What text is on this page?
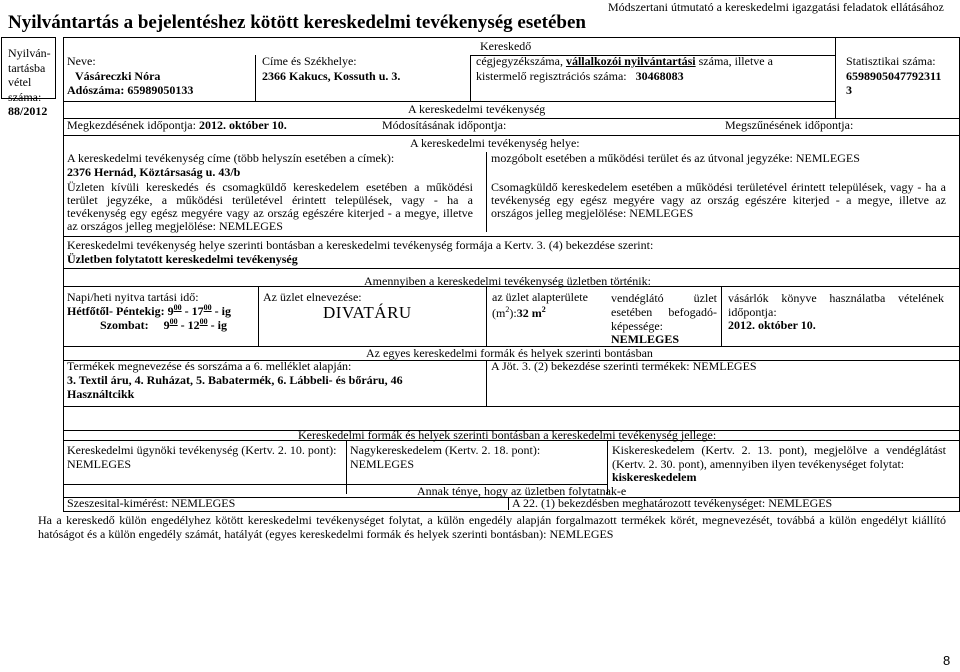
Nyilvántartás a bejelentéshez kötött kereskedelmi tevékenység esetében
Módszertani útmutató a kereskedelmi igazgatási feladatok ellátásához
Nyilván-
tartásba
vétel
száma:
88/2012
Kereskedő
Neve:
Vásáreczki Nóra
Adószáma: 65989050133
Címe és Székhelye:
2366 Kakucs, Kossuth u. 3.
cégjegyzékszáma, vállalkozói nyilvántartási száma, illetve a
kistermelő regisztrációs száma: 30468083
Statisztikai száma:
6598905047792311
3
A kereskedelmi tevékenység
Megkezdésének időpontja: 2012. október 10.	Módosításának időpontja:	Megszűnésének időpontja:
A kereskedelmi tevékenység helye:
A kereskedelmi tevékenység címe (több helyszín esetében a címek):
2376 Hernád, Köztársaság u. 43/b
Üzleten kívüli kereskedés és csomagküldő kereskedelem esetében a működési terület jegyzéke, a működési területével érintett települések, vagy - ha a tevékenység egy egész megyére vagy az ország egészére kiterjed - a megye, illetve az országos jelleg megjelölése: NEMLEGES
mozgóbolt esetében a működési terület és az útvonal jegyzéke: NEMLEGES
Csomagküldő kereskedelem esetében a működési területével érintett települések, vagy - ha a tevékenység egy egész megyére vagy az ország egészére kiterjed - a megye, illetve az országos jelleg megjelölése: NEMLEGES
Kereskedelmi tevékenység helye szerinti bontásban a kereskedelmi tevékenység formája a Kertv. 3. (4) bekezdése szerint:
Üzletben folytatott kereskedelmi tevékenység
Amennyiben a kereskedelmi tevékenység üzletben történik:
Napi/heti nyitva tartási idő:
Hétfőtől- Péntekig: $9^{00} - 17^{00}$ - ig
Szombat: $9^{00} - 12^{00}$ - ig
Az üzlet elnevezése:
DIVATÁRU
az üzlet alapterülete
$(m^2):32$ $m^2$
vendéglátó üzlet esetében befogadó-képessége:
NEMLEGES
vásárlók könyve használatba vételének időpontja:
2012. október 10.
Az egyes kereskedelmi formák és helyek szerinti bontásban
Termékek megnevezése és sorszáma a 6. melléklet alapján:
3. Textil áru, 4. Ruházat, 5. Babatermék, 6. Lábbeli- és bőráru, 46 Használtcikk
A Jöt. 3. (2) bekezdése szerinti termékek: NEMLEGES
Kereskedelmi formák és helyek szerinti bontásban a kereskedelmi tevékenység jellege:
Kereskedelmi ügynöki tevékenység (Kertv. 2. 10. pont): NEMLEGES
Nagykereskedelem (Kertv. 2. 18. pont): NEMLEGES
Kiskereskedelem (Kertv. 2. 13. pont), megjelölve a vendéglátást (Kertv. 2. 30. pont), amennyiben ilyen tevékenységet folytat:
kiskereskedelem
Annak ténye, hogy az üzletben folytatnak-e
Szeszesital-kimérést: NEMLEGES	A 22. (1) bekezdésben meghatározott tevékenységet: NEMLEGES
Ha a kereskedő külön engedélyhez kötött kereskedelmi tevékenységet folytat, a külön engedély alapján forgalmazott termékek körét, megnevezését, továbbá a külön engedélyt kiállító hatóságot és a külön engedély számát, hatályát (egyes kereskedelmi formák és helyek szerinti bontásban): NEMLEGES
8
